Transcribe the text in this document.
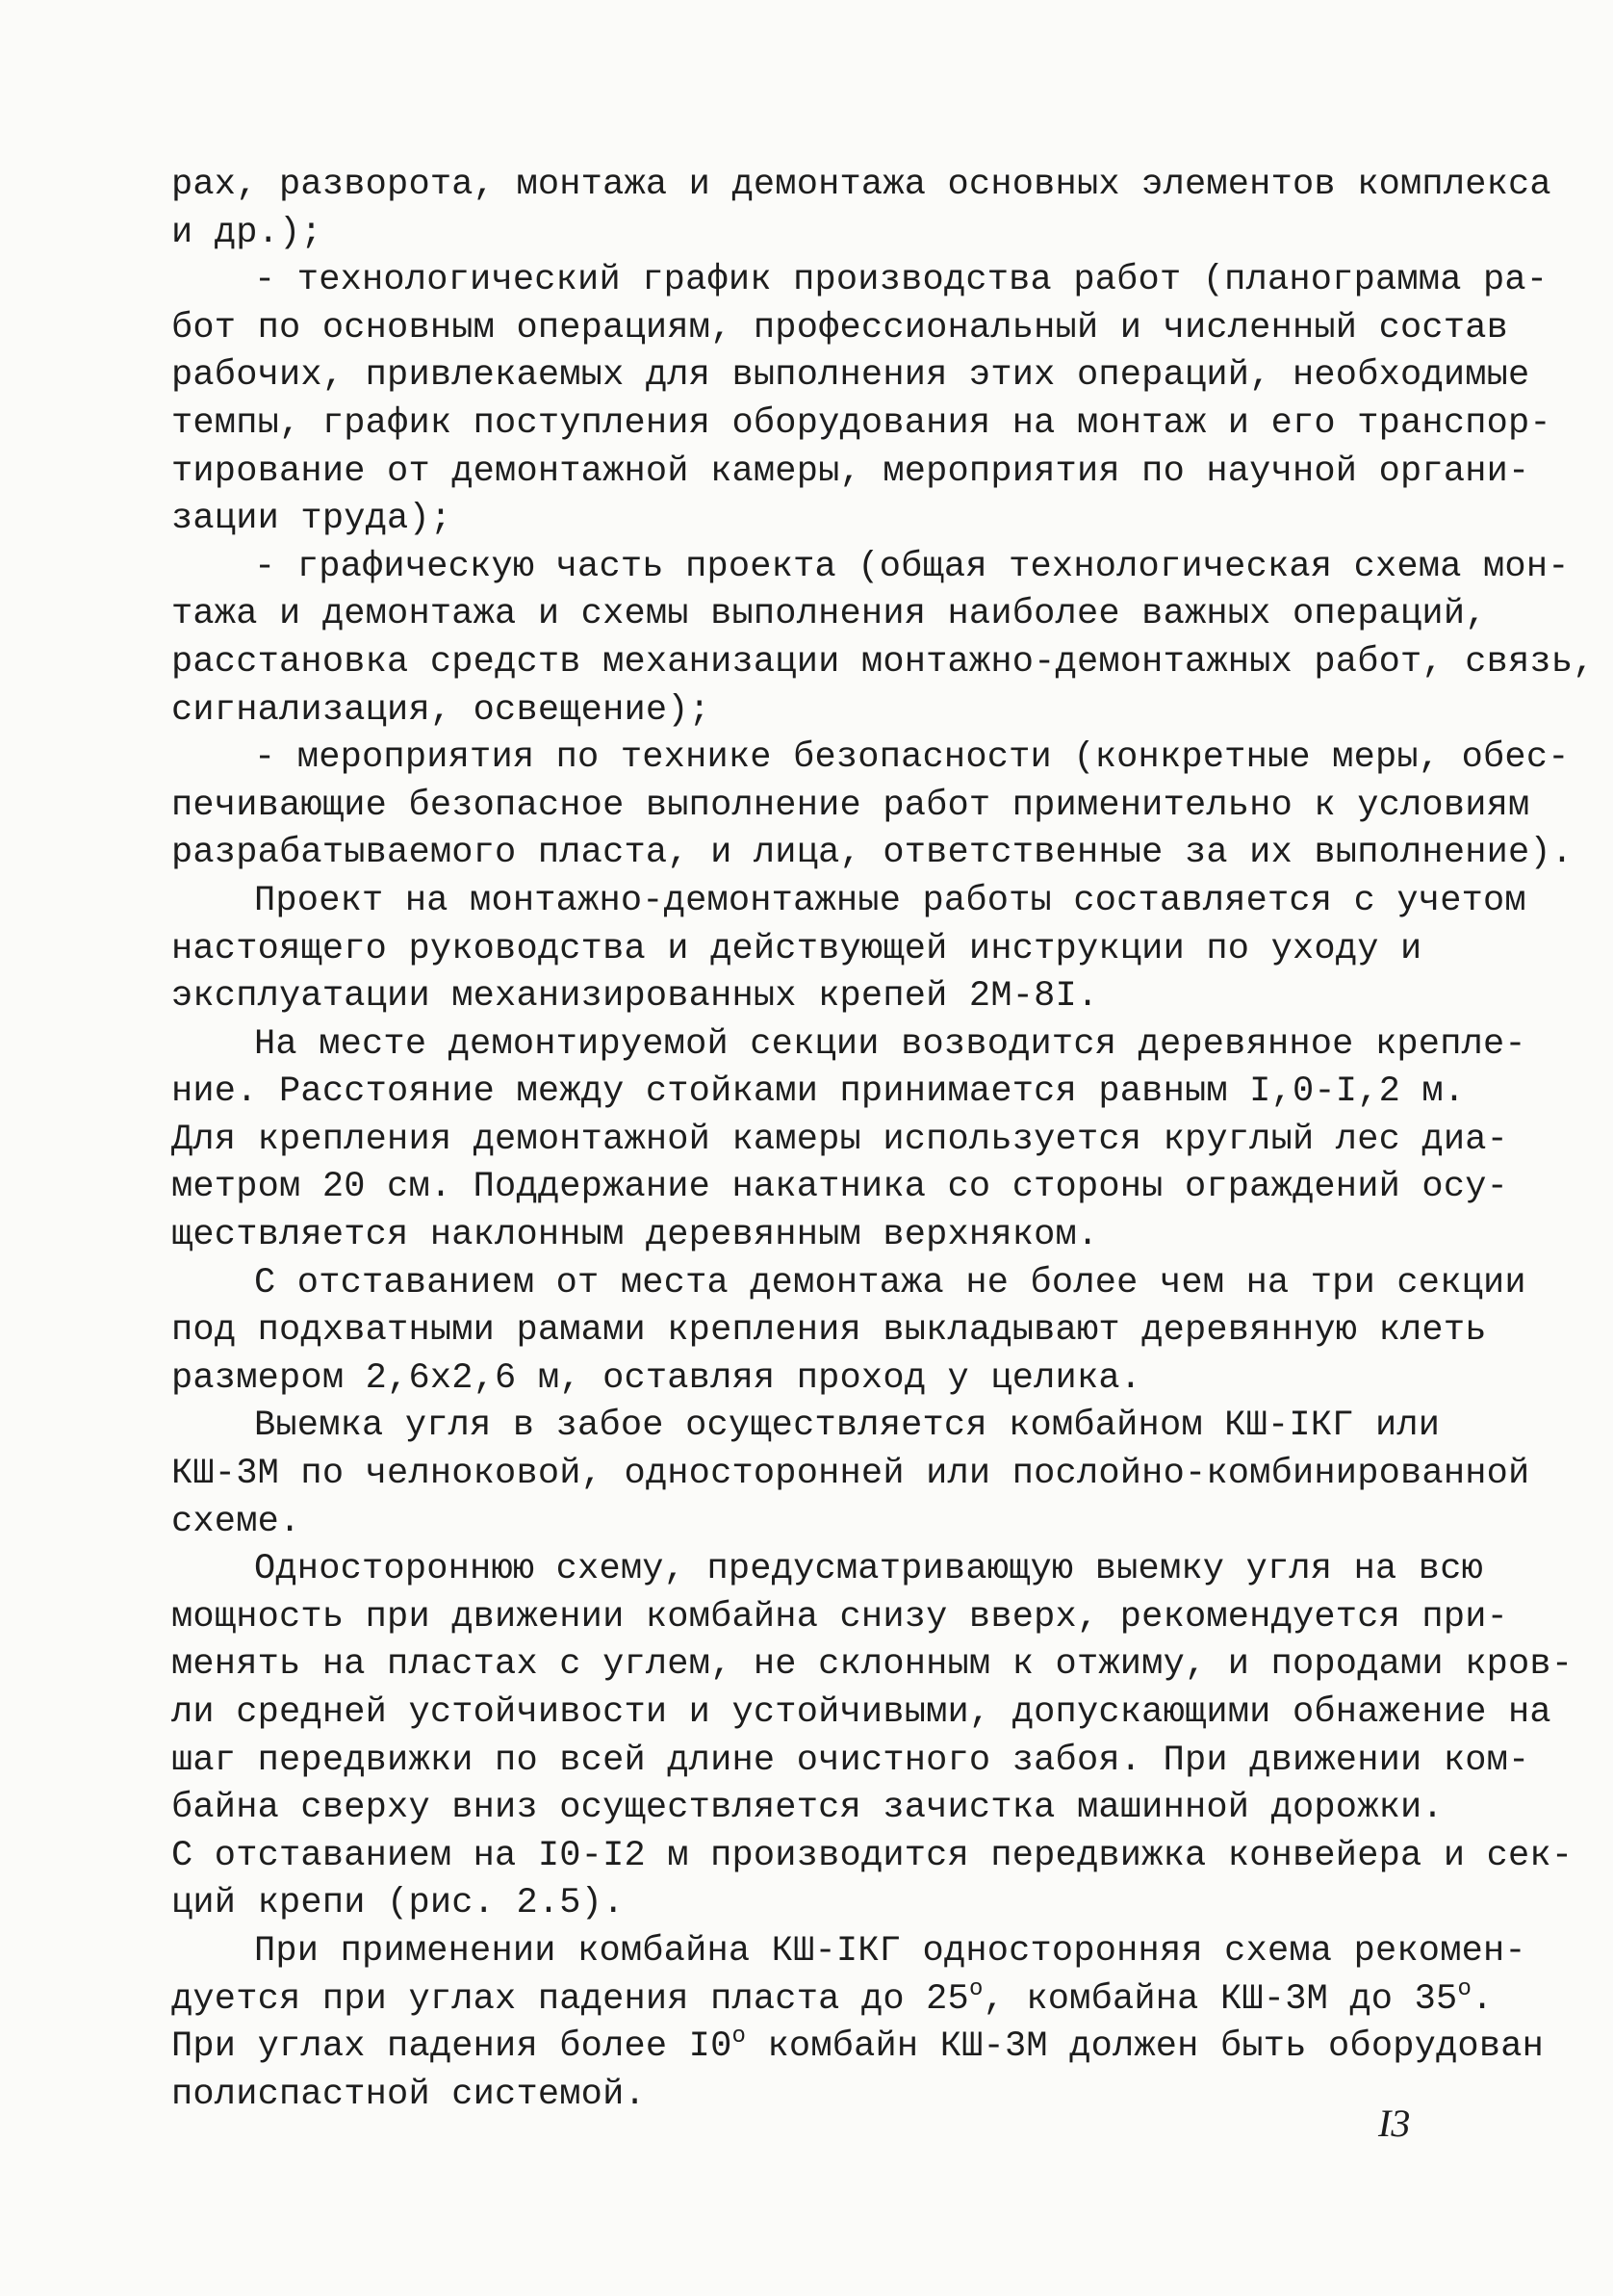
рах, разворота, монтажа и демонтажа основных элементов комплекса
и др.);

- технологический график производства работ (планограмма ра-
бот по основным операциям, профессиональный и численный состав
рабочих, привлекаемых для выполнения этих операций, необходимые
темпы, график поступления оборудования на монтаж и его транспор-
тирование от демонтажной камеры, мероприятия по научной органи-
зации труда);

- графическую часть проекта (общая технологическая схема мон-
тажа и демонтажа и схемы выполнения наиболее важных операций,
расстановка средств механизации монтажно-демонтажных работ, связь,
сигнализация, освещение);

- мероприятия по технике безопасности (конкретные меры, обес-
печивающие безопасное выполнение работ применительно к условиям
разрабатываемого пласта, и лица, ответственные за их выполнение).

Проект на монтажно-демонтажные работы составляется с учетом
настоящего руководства и действующей инструкции по уходу и
эксплуатации механизированных крепей 2М-8I.

На месте демонтируемой секции возводится деревянное крепле-
ние. Расстояние между стойками принимается равным I,0-I,2 м.
Для крепления демонтажной камеры используется круглый лес диа-
метром 20 см. Поддержание накатника со стороны ограждений осу-
ществляется наклонным деревянным верхняком.

С отставанием от места демонтажа не более чем на три секции
под подхватными рамами крепления выкладывают деревянную клеть
размером 2,6х2,6 м, оставляя проход у целика.

Выемка угля в забое осуществляется комбайном КШ-IКГ или
КШ-3М по челноковой, односторонней или послойно-комбинированной
схеме.

Одностороннюю схему, предусматривающую выемку угля на всю
мощность при движении комбайна снизу вверх, рекомендуется при-
менять на пластах с углем, не склонным к отжиму, и породами кров-
ли средней устойчивости и устойчивыми, допускающими обнажение на
шаг передвижки по всей длине очистного забоя. При движении ком-
байна сверху вниз осуществляется зачистка машинной дорожки.
С отставанием на I0-I2 м производится передвижка конвейера и сек-
ций крепи (рис. 2.5).

При применении комбайна КШ-IКГ односторонняя схема рекомен-
дуется при углах падения пласта до $25^о$, комбайна КШ-3М до $35^о$.
При углах падения более $I0^о$ комбайн КШ-3М должен быть оборудован
полиспастной системой.

I3
